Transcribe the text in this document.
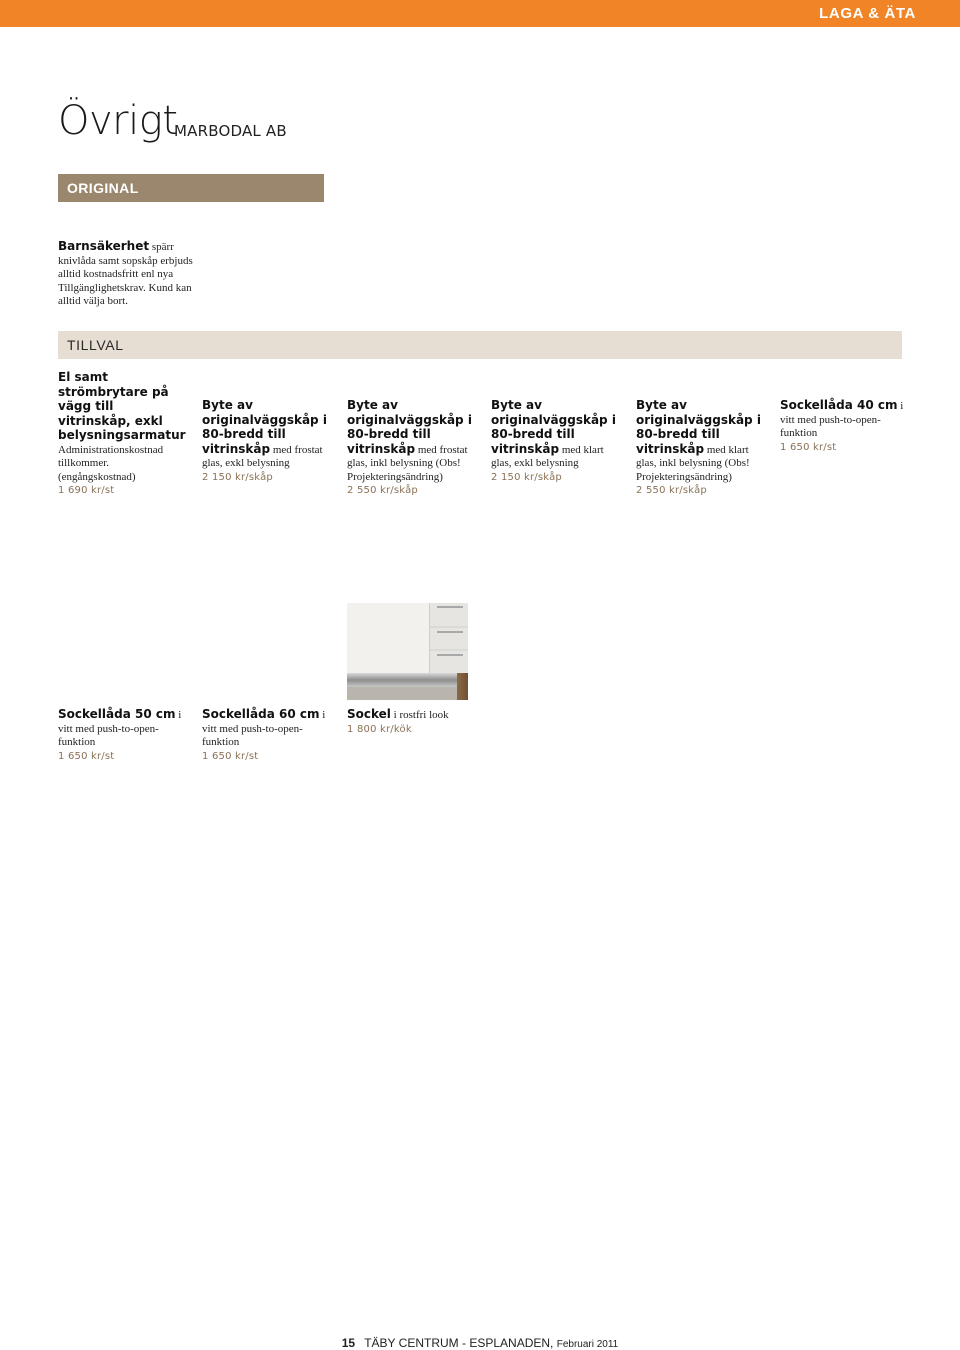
LAGA & ÄTA
Övrigt
MARBODAL AB
ORIGINAL
Barnsäkerhet spärr knivlåda samt sopskåp erbjuds alltid kostnadsfritt enl nya Tillgänglighetskrav. Kund kan alltid välja bort.
TILLVAL
El samt strömbrytare på vägg till vitrinskåp, exkl belysningsarmatur
Administrationskostnad tillkommer. (engångskostnad)
1 690 kr/st
Byte av originalväggskåp i 80-bredd till vitrinskåp med frostat glas, exkl belysning
2 150 kr/skåp
Byte av originalväggskåp i 80-bredd till vitrinskåp med frostat glas, inkl belysning (Obs! Projekteringsändring)
2 550 kr/skåp
Byte av originalväggskåp i 80-bredd till vitrinskåp med klart glas, exkl belysning
2 150 kr/skåp
Byte av originalväggskåp i 80-bredd till vitrinskåp med klart glas, inkl belysning (Obs! Projekteringsändring)
2 550 kr/skåp
Sockellåda 40 cm i vitt med push-to-open-funktion
1 650 kr/st
Sockellåda 50 cm i vitt med push-to-open-funktion
1 650 kr/st
Sockellåda 60 cm i vitt med push-to-open-funktion
1 650 kr/st
Sockel i rostfri look
1 800 kr/kök
15 TÄBY CENTRUM - ESPLANADEN, Februari 2011
